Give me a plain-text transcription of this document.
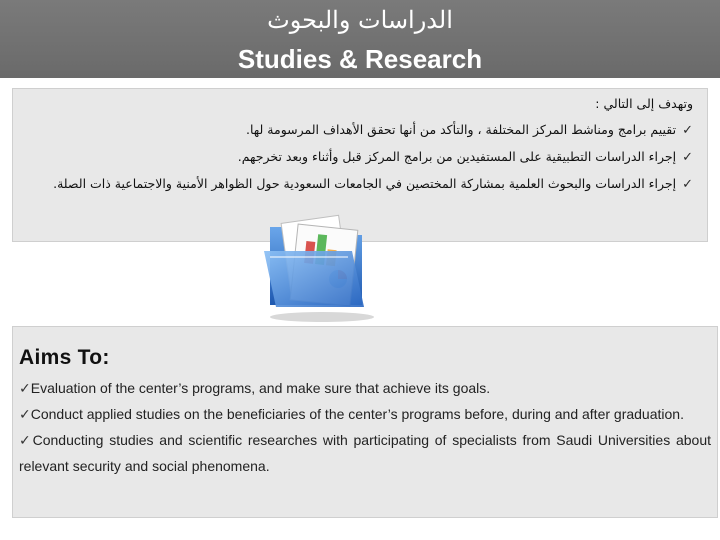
الدراسات والبحوث
Studies & Research
وتهدف إلى التالي :
✓تقييم برامج ومناشط المركز المختلفة ، والتأكد من أنها تحقق الأهداف المرسومة لها.
✓إجراء الدراسات التطبيقية على المستفيدين من برامج المركز قبل وأثناء وبعد تخرجهم.
✓إجراء الدراسات والبحوث العلمية بمشاركة المختصين في الجامعات السعودية حول الظواهر الأمنية والاجتماعية ذات الصلة.
Aims To:
✓Evaluation of the center’s programs, and make sure that achieve its goals.
✓Conduct applied studies on the beneficiaries of the center’s programs before, during and after graduation.
✓Conducting studies and scientific researches with participating of specialists from Saudi Universities about relevant security and social phenomena.
